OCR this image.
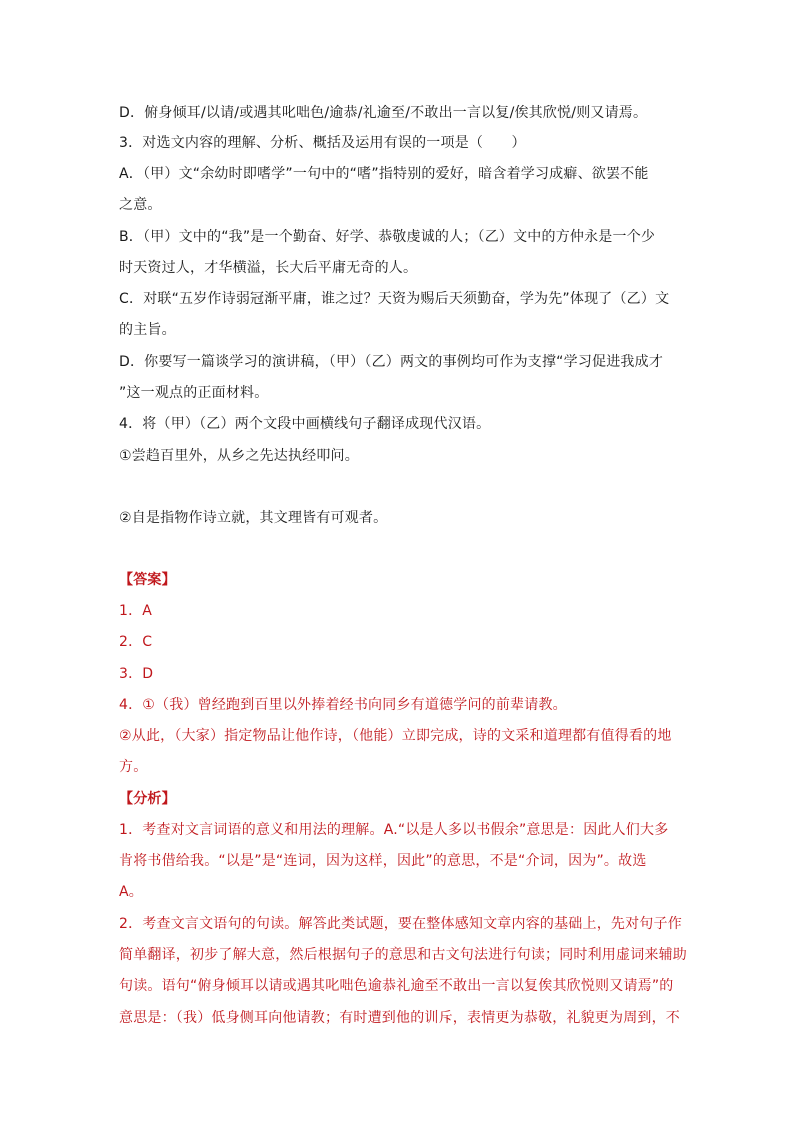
D．俯身倾耳/以请/或遇其叱咄色/逾恭/礼逾至/不敢出一言以复/俟其欣悦/则又请焉。

3．对选文内容的理解、分析、概括及运用有误的一项是（　　）

A．（甲）文“余幼时即嗜学”一句中的“嗜”指特别的爱好，暗含着学习成癖、欲罢不能

之意。

B．（甲）文中的“我”是一个勤奋、好学、恭敬虔诚的人；（乙）文中的方仲永是一个少

时天资过人，才华横溢，长大后平庸无奇的人。

C．对联“五岁作诗弱冠渐平庸，谁之过？天资为赐后天须勤奋，学为先”体现了（乙）文

的主旨。

D．你要写一篇谈学习的演讲稿，（甲）（乙）两文的事例均可作为支撑“学习促进我成才

”这一观点的正面材料。

4．将（甲）（乙）两个文段中画横线句子翻译成现代汉语。

①尝趋百里外，从乡之先达执经叩问。

②自是指物作诗立就，其文理皆有可观者。

【答案】

1．A

2．C

3．D

4．①（我）曾经跑到百里以外捧着经书向同乡有道德学问的前辈请教。

②从此，（大家）指定物品让他作诗，（他能）立即完成，诗的文采和道理都有值得看的地

方。

【分析】

1．考查对文言词语的意义和用法的理解。A.“以是人多以书假余”意思是：因此人们大多

肯将书借给我。“以是”是“连词，因为这样，因此”的意思，不是“介词，因为”。故选

A。

2．考查文言文语句的句读。解答此类试题，要在整体感知文章内容的基础上，先对句子作

简单翻译，初步了解大意，然后根据句子的意思和古文句法进行句读；同时利用虚词来辅助

句读。语句“俯身倾耳以请或遇其叱咄色逾恭礼逾至不敢出一言以复俟其欣悦则又请焉”的

意思是：（我）低身侧耳向他请教；有时遭到他的训斥，表情更为恭敬，礼貌更为周到，不
